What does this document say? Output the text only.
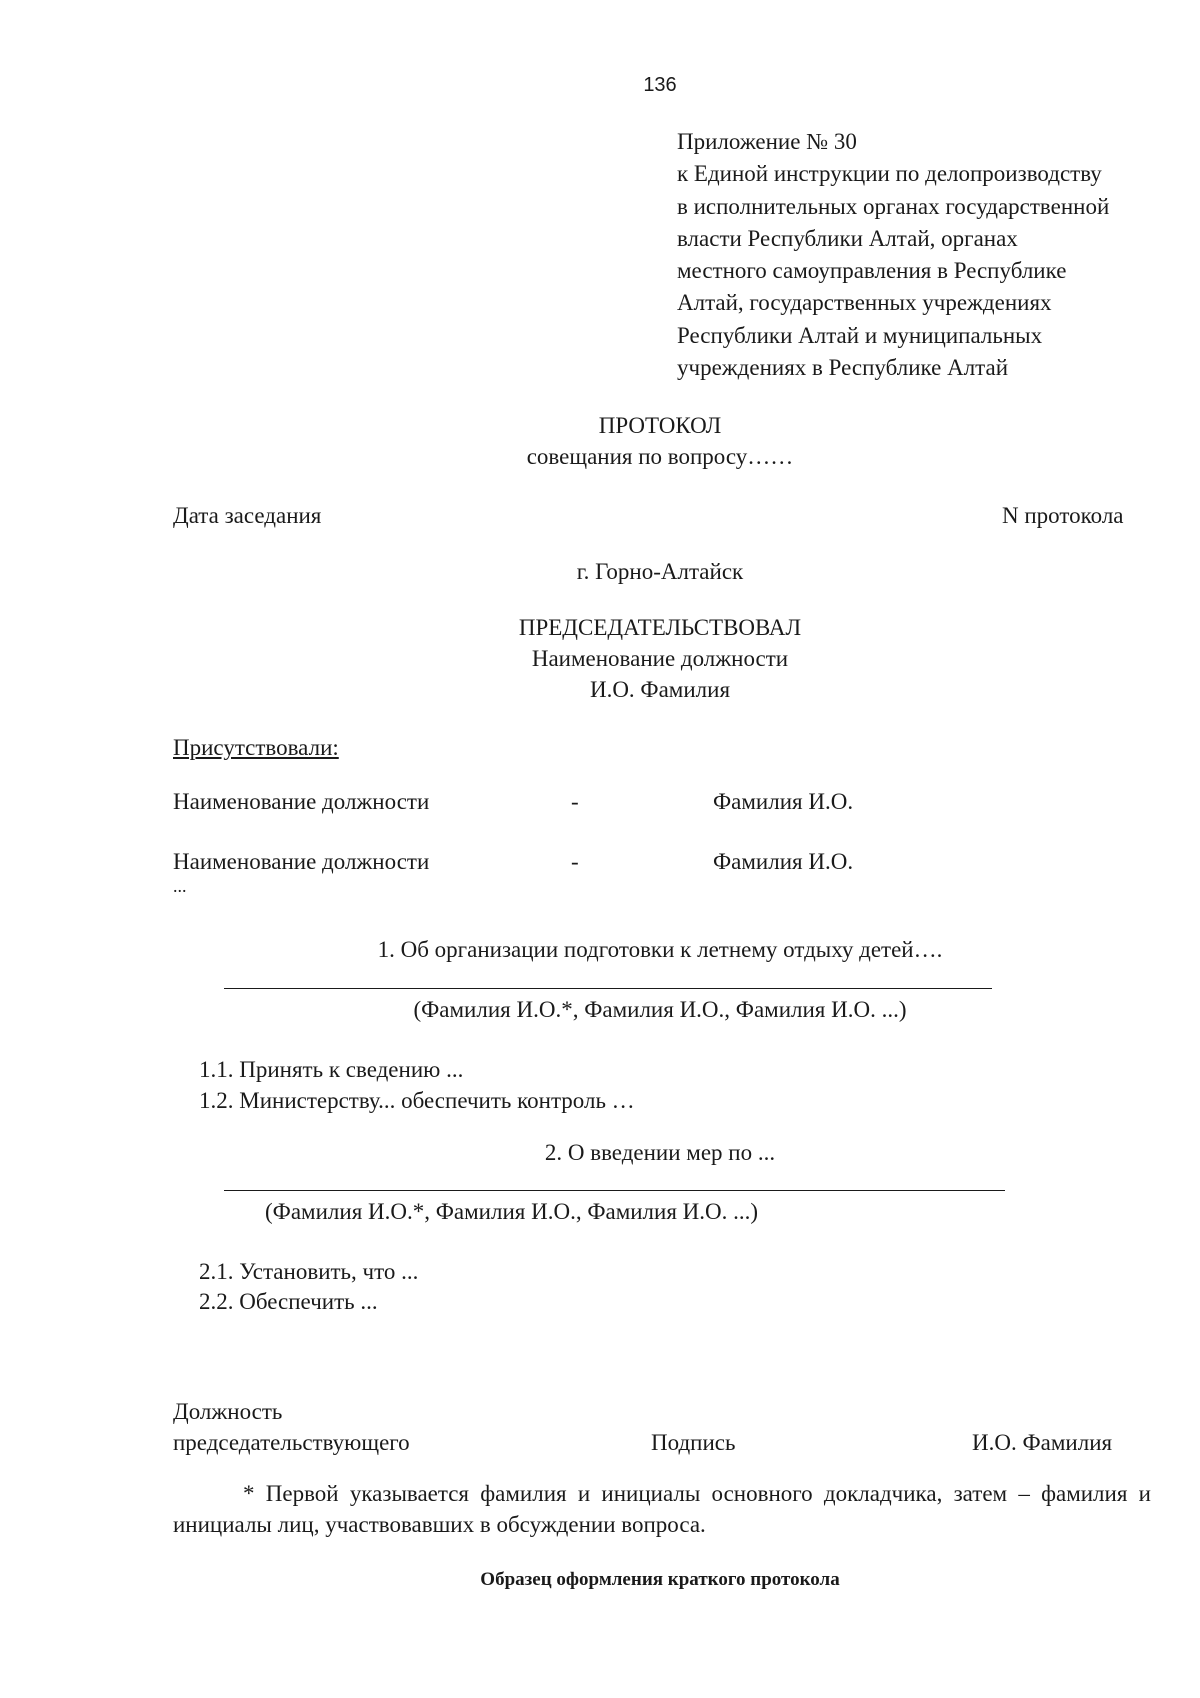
136
Приложение № 30
к Единой инструкции по делопроизводству
в исполнительных органах государственной
власти Республики Алтай, органах
местного самоуправления в Республике
Алтай, государственных учреждениях
Республики Алтай и муниципальных
учреждениях в Республике Алтай
ПРОТОКОЛ
совещания по вопросу……
Дата заседания	N протокола
г. Горно-Алтайск
ПРЕДСЕДАТЕЛЬСТВОВАЛ
Наименование должности
И.О. Фамилия
Присутствовали:
Наименование должности	-	Фамилия И.О.
Наименование должности	-	Фамилия И.О.
...
1. Об организации подготовки к летнему отдыху детей….
(Фамилия И.О.*, Фамилия И.О., Фамилия И.О. ...)
1.1. Принять к сведению ...
1.2. Министерству... обеспечить контроль …
2. О введении мер по ...
(Фамилия И.О.*, Фамилия И.О., Фамилия И.О. ...)
2.1. Установить, что ...
2.2. Обеспечить ...
Должность
председательствующего	Подпись	И.О. Фамилия
* Первой указывается фамилия и инициалы основного докладчика, затем – фамилия и инициалы лиц, участвовавших в обсуждении вопроса.
Образец оформления краткого протокола
